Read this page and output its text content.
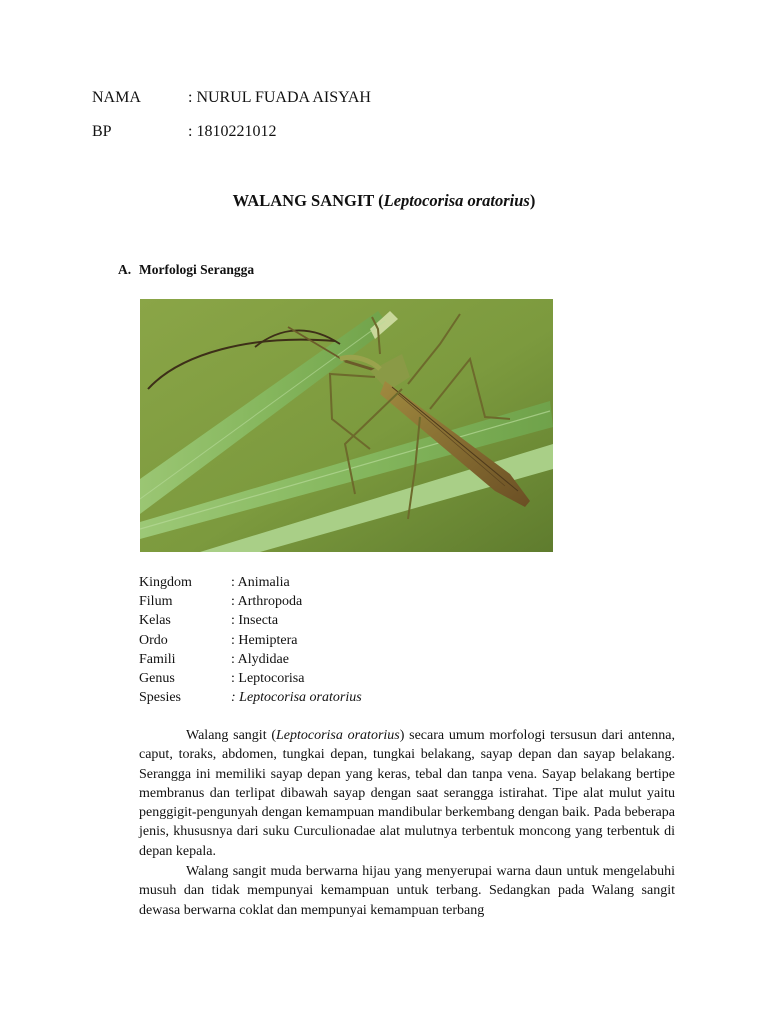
NAMA	: NURUL FUADA AISYAH
BP	: 1810221012
WALANG SANGIT (Leptocorisa oratorius)
A. Morfologi Serangga
Kingdom	: Animalia
Filum	: Arthropoda
Kelas	: Insecta
Ordo	: Hemiptera
Famili	: Alydidae
Genus	: Leptocorisa
Spesies	: Leptocorisa oratorius

Walang sangit (Leptocorisa oratorius) secara umum morfologi tersusun dari antenna, caput, toraks, abdomen, tungkai depan, tungkai belakang, sayap depan dan sayap belakang. Serangga ini memiliki sayap depan yang keras, tebal dan tanpa vena. Sayap belakang bertipe membranus dan terlipat dibawah sayap dengan saat serangga istirahat. Tipe alat mulut yaitu penggigit-pengunyah dengan kemampuan mandibular berkembang dengan baik. Pada beberapa jenis, khususnya dari suku Curculionadae alat mulutnya terbentuk moncong yang terbentuk di depan kepala.

Walang sangit muda berwarna hijau yang menyerupai warna daun untuk mengelabuhi musuh dan tidak mempunyai kemampuan untuk terbang. Sedangkan pada Walang sangit dewasa berwarna coklat dan mempunyai kemampuan terbang
